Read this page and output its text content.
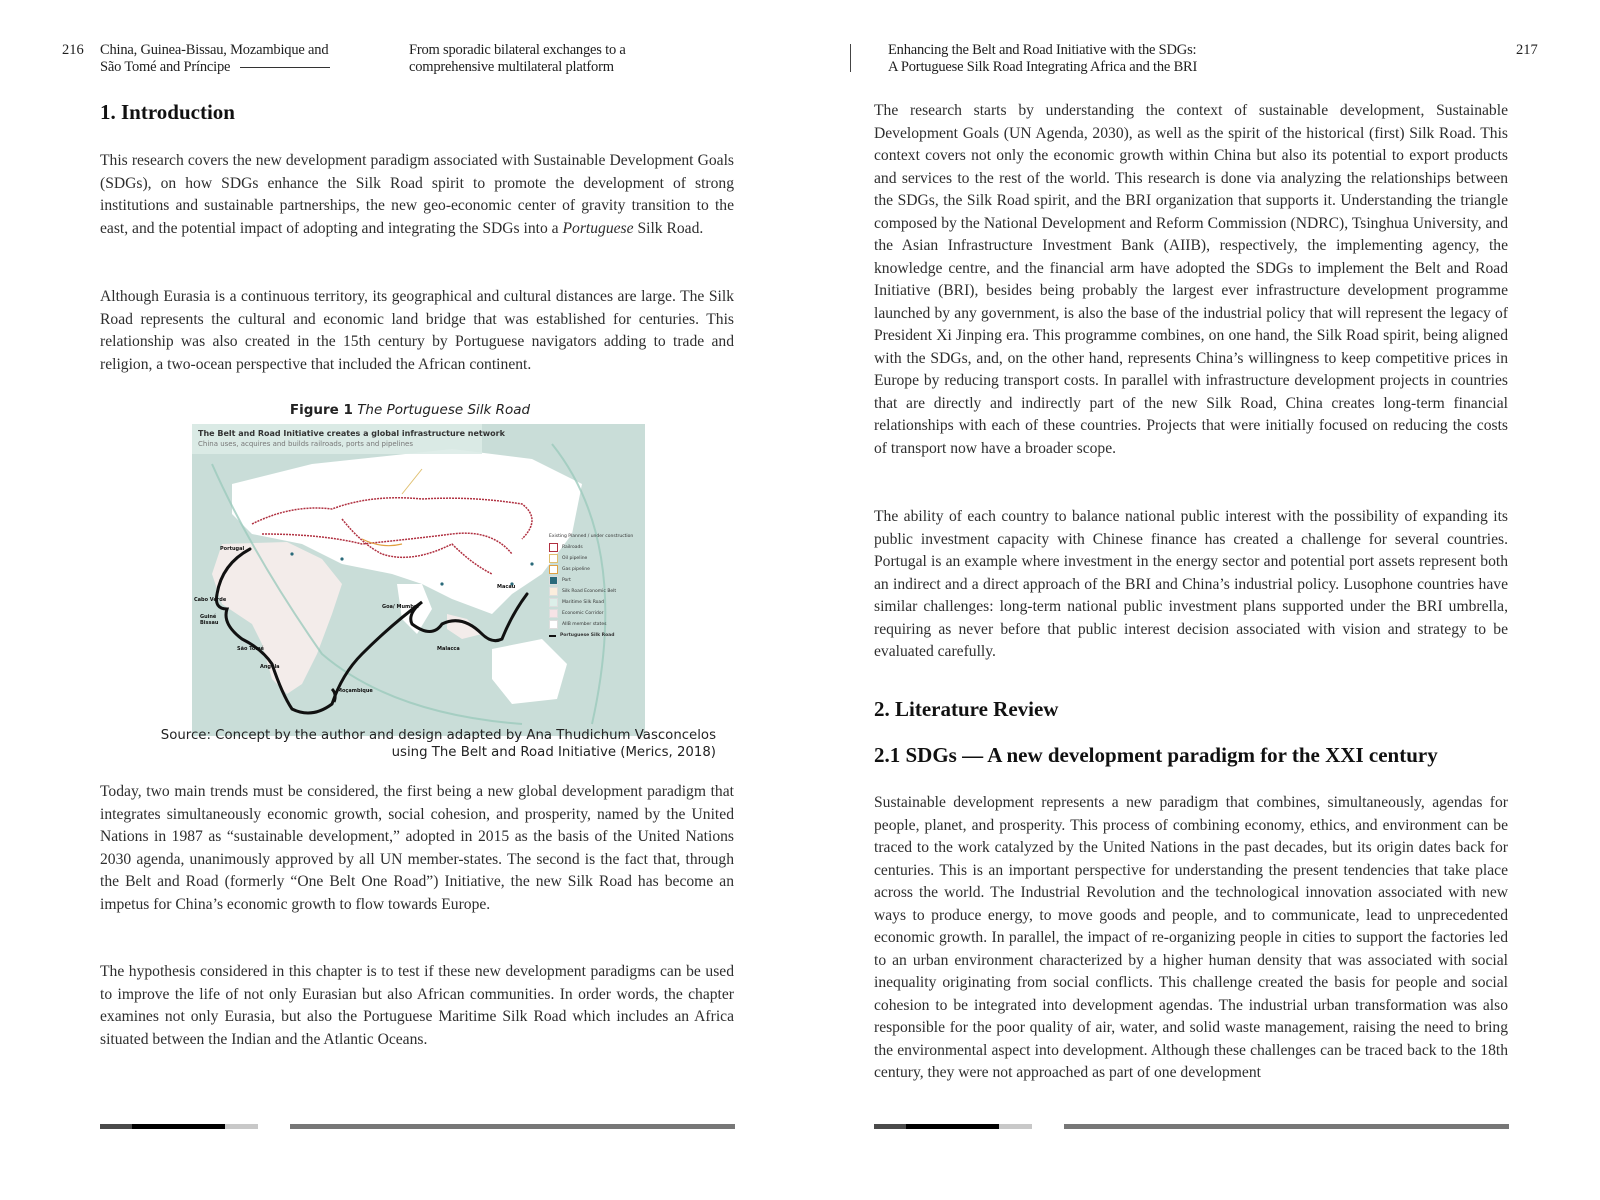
216 China, Guinea-Bissau, Mozambique and
São Tomé and Príncipe
From sporadic bilateral exchanges to a
comprehensive multilateral platform
1. Introduction

This research covers the new development paradigm associated with Sustainable Development Goals (SDGs), on how SDGs enhance the Silk Road spirit to promote the development of strong institutions and sustainable partnerships, the new geo-economic center of gravity transition to the east, and the potential impact of adopting and integrating the SDGs into a Portuguese Silk Road.

Although Eurasia is a continuous territory, its geographical and cultural distances are large. The Silk Road represents the cultural and economic land bridge that was established for centuries. This relationship was also created in the 15th century by Portuguese navigators adding to trade and religion, a two-ocean perspective that included the African continent.

Figure 1 The Portuguese Silk Road
The Belt and Road Initiative creates a global infrastructure network
China uses, acquires and builds railroads, ports and pipelines
Portugal
Cabo Verde
Guiné Bissau
São Tomé
Angola
Moçambique
Goa/ Mumbai
Malacca
Macau
Existing
Planned / under construction
Railroads
Oil pipeline
Gas pipeline
Port
Silk Road Economic Belt
Maritime Silk Road
Economic Corridor
AIIB member states
Portuguese Silk Road
Source: Concept by the author and design adapted by Ana Thudichum Vasconcelos
using The Belt and Road Initiative (Merics, 2018)

Today, two main trends must be considered, the first being a new global development paradigm that integrates simultaneously economic growth, social cohesion, and prosperity, named by the United Nations in 1987 as “sustainable development,” adopted in 2015 as the basis of the United Nations 2030 agenda, unanimously approved by all UN member-states. The second is the fact that, through the Belt and Road (formerly “One Belt One Road”) Initiative, the new Silk Road has become an impetus for China’s economic growth to flow towards Europe.

The hypothesis considered in this chapter is to test if these new development paradigms can be used to improve the life of not only Eurasian but also African communities. In order words, the chapter examines not only Eurasia, but also the Portuguese Maritime Silk Road which includes an Africa situated between the Indian and the Atlantic Oceans.

Enhancing the Belt and Road Initiative with the SDGs:
A Portuguese Silk Road Integrating Africa and the BRI
217

The research starts by understanding the context of sustainable development, Sustainable Development Goals (UN Agenda, 2030), as well as the spirit of the historical (first) Silk Road. This context covers not only the economic growth within China but also its potential to export products and services to the rest of the world. This research is done via analyzing the relationships between the SDGs, the Silk Road spirit, and the BRI organization that supports it. Understanding the triangle composed by the National Development and Reform Commission (NDRC), Tsinghua University, and the Asian Infrastructure Investment Bank (AIIB), respectively, the implementing agency, the knowledge centre, and the financial arm have adopted the SDGs to implement the Belt and Road Initiative (BRI), besides being probably the largest ever infrastructure development programme launched by any government, is also the base of the industrial policy that will represent the legacy of President Xi Jinping era. This programme combines, on one hand, the Silk Road spirit, being aligned with the SDGs, and, on the other hand, represents China’s willingness to keep competitive prices in Europe by reducing transport costs. In parallel with infrastructure development projects in countries that are directly and indirectly part of the new Silk Road, China creates long-term financial relationships with each of these countries. Projects that were initially focused on reducing the costs of transport now have a broader scope.

The ability of each country to balance national public interest with the possibility of expanding its public investment capacity with Chinese finance has created a challenge for several countries. Portugal is an example where investment in the energy sector and potential port assets represent both an indirect and a direct approach of the BRI and China’s industrial policy. Lusophone countries have similar challenges: long-term national public investment plans supported under the BRI umbrella, requiring as never before that public interest decision associated with vision and strategy to be evaluated carefully.

2. Literature Review
2.1 SDGs — A new development paradigm for the XXI century

Sustainable development represents a new paradigm that combines, simultaneously, agendas for people, planet, and prosperity. This process of combining economy, ethics, and environment can be traced to the work catalyzed by the United Nations in the past decades, but its origin dates back for centuries. This is an important perspective for understanding the present tendencies that take place across the world. The Industrial Revolution and the technological innovation associated with new ways to produce energy, to move goods and people, and to communicate, lead to unprecedented economic growth. In parallel, the impact of re-organizing people in cities to support the factories led to an urban environment characterized by a higher human density that was associated with social inequality originating from social conflicts. This challenge created the basis for people and social cohesion to be integrated into development agendas. The industrial urban transformation was also responsible for the poor quality of air, water, and solid waste management, raising the need to bring the environmental aspect into development. Although these challenges can be traced back to the 18th century, they were not approached as part of one development
